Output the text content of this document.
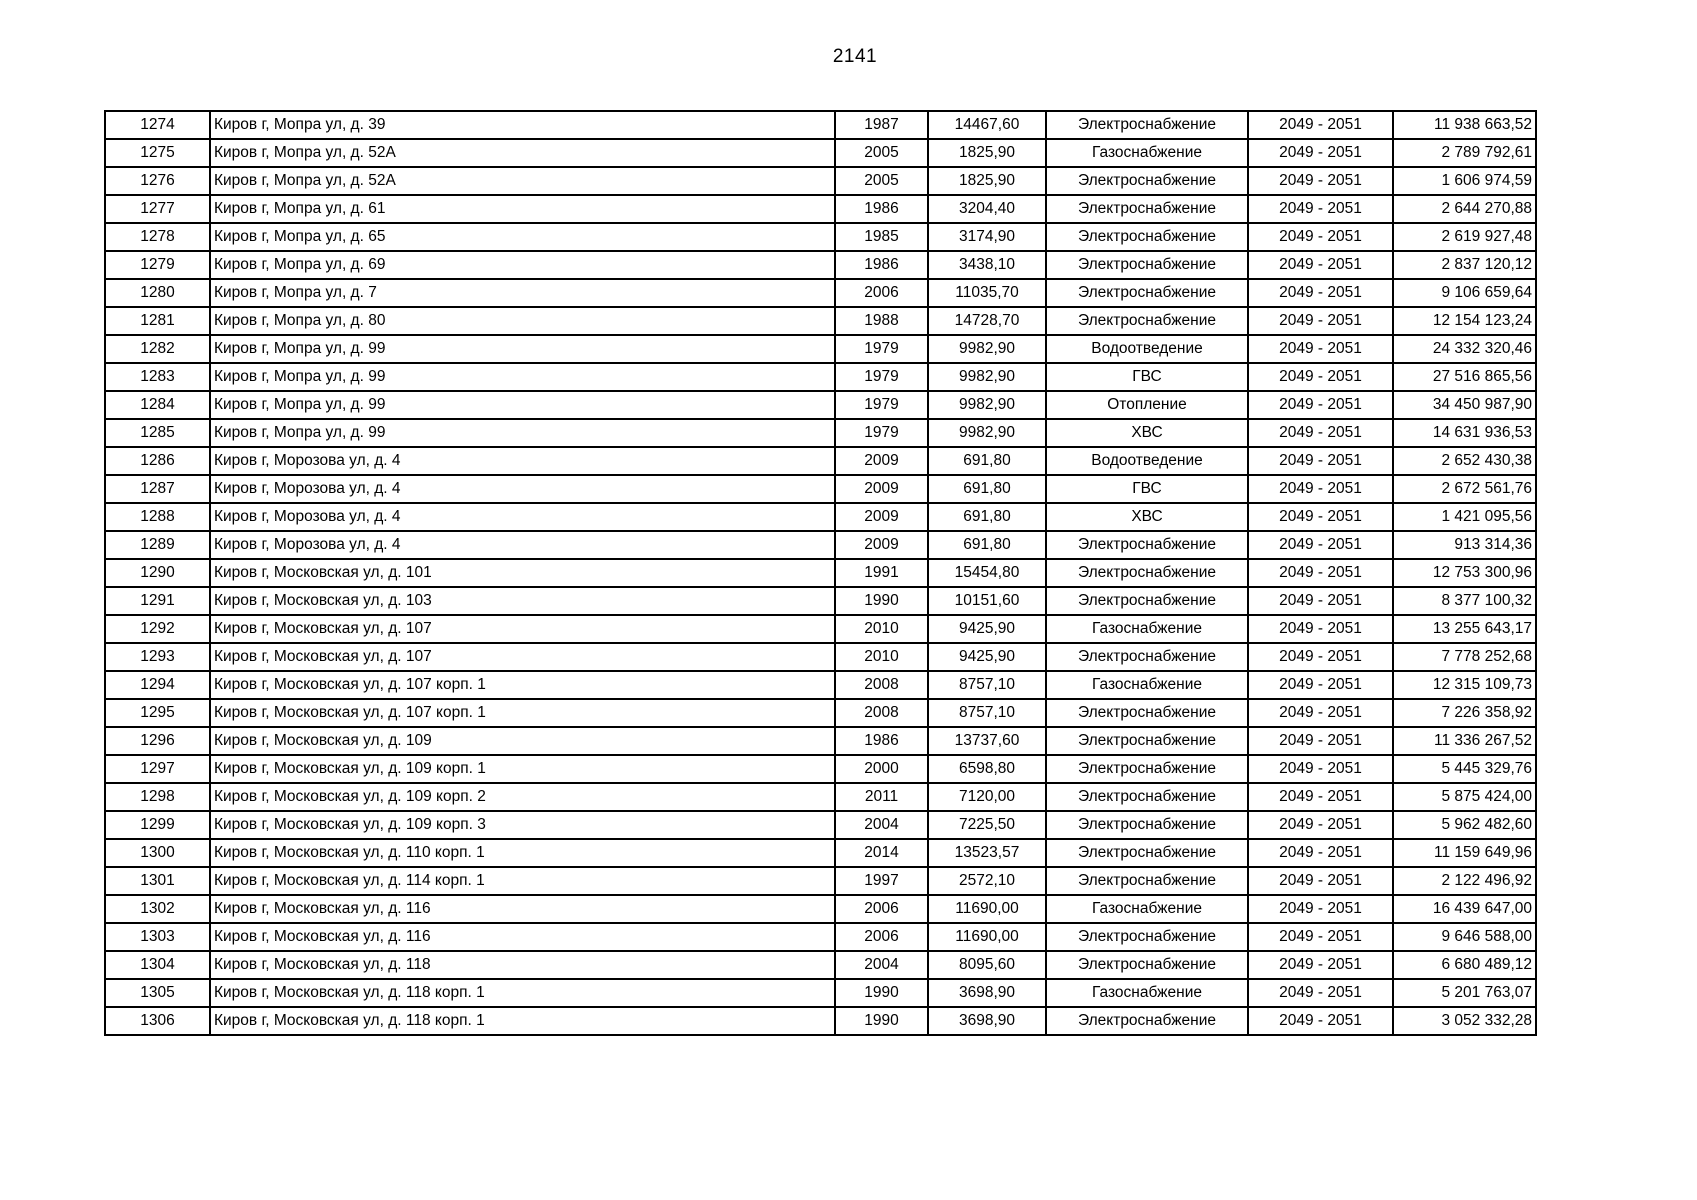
2141
1274	Киров г, Мопра ул, д. 39	1987	14467,60	Электроснабжение	2049 - 2051	11 938 663,52
1275	Киров г, Мопра ул, д. 52А	2005	1825,90	Газоснабжение	2049 - 2051	2 789 792,61
1276	Киров г, Мопра ул, д. 52А	2005	1825,90	Электроснабжение	2049 - 2051	1 606 974,59
1277	Киров г, Мопра ул, д. 61	1986	3204,40	Электроснабжение	2049 - 2051	2 644 270,88
1278	Киров г, Мопра ул, д. 65	1985	3174,90	Электроснабжение	2049 - 2051	2 619 927,48
1279	Киров г, Мопра ул, д. 69	1986	3438,10	Электроснабжение	2049 - 2051	2 837 120,12
1280	Киров г, Мопра ул, д. 7	2006	11035,70	Электроснабжение	2049 - 2051	9 106 659,64
1281	Киров г, Мопра ул, д. 80	1988	14728,70	Электроснабжение	2049 - 2051	12 154 123,24
1282	Киров г, Мопра ул, д. 99	1979	9982,90	Водоотведение	2049 - 2051	24 332 320,46
1283	Киров г, Мопра ул, д. 99	1979	9982,90	ГВС	2049 - 2051	27 516 865,56
1284	Киров г, Мопра ул, д. 99	1979	9982,90	Отопление	2049 - 2051	34 450 987,90
1285	Киров г, Мопра ул, д. 99	1979	9982,90	ХВС	2049 - 2051	14 631 936,53
1286	Киров г, Морозова ул, д. 4	2009	691,80	Водоотведение	2049 - 2051	2 652 430,38
1287	Киров г, Морозова ул, д. 4	2009	691,80	ГВС	2049 - 2051	2 672 561,76
1288	Киров г, Морозова ул, д. 4	2009	691,80	ХВС	2049 - 2051	1 421 095,56
1289	Киров г, Морозова ул, д. 4	2009	691,80	Электроснабжение	2049 - 2051	913 314,36
1290	Киров г, Московская ул, д. 101	1991	15454,80	Электроснабжение	2049 - 2051	12 753 300,96
1291	Киров г, Московская ул, д. 103	1990	10151,60	Электроснабжение	2049 - 2051	8 377 100,32
1292	Киров г, Московская ул, д. 107	2010	9425,90	Газоснабжение	2049 - 2051	13 255 643,17
1293	Киров г, Московская ул, д. 107	2010	9425,90	Электроснабжение	2049 - 2051	7 778 252,68
1294	Киров г, Московская ул, д. 107 корп. 1	2008	8757,10	Газоснабжение	2049 - 2051	12 315 109,73
1295	Киров г, Московская ул, д. 107 корп. 1	2008	8757,10	Электроснабжение	2049 - 2051	7 226 358,92
1296	Киров г, Московская ул, д. 109	1986	13737,60	Электроснабжение	2049 - 2051	11 336 267,52
1297	Киров г, Московская ул, д. 109 корп. 1	2000	6598,80	Электроснабжение	2049 - 2051	5 445 329,76
1298	Киров г, Московская ул, д. 109 корп. 2	2011	7120,00	Электроснабжение	2049 - 2051	5 875 424,00
1299	Киров г, Московская ул, д. 109 корп. 3	2004	7225,50	Электроснабжение	2049 - 2051	5 962 482,60
1300	Киров г, Московская ул, д. 110 корп. 1	2014	13523,57	Электроснабжение	2049 - 2051	11 159 649,96
1301	Киров г, Московская ул, д. 114 корп. 1	1997	2572,10	Электроснабжение	2049 - 2051	2 122 496,92
1302	Киров г, Московская ул, д. 116	2006	11690,00	Газоснабжение	2049 - 2051	16 439 647,00
1303	Киров г, Московская ул, д. 116	2006	11690,00	Электроснабжение	2049 - 2051	9 646 588,00
1304	Киров г, Московская ул, д. 118	2004	8095,60	Электроснабжение	2049 - 2051	6 680 489,12
1305	Киров г, Московская ул, д. 118 корп. 1	1990	3698,90	Газоснабжение	2049 - 2051	5 201 763,07
1306	Киров г, Московская ул, д. 118 корп. 1	1990	3698,90	Электроснабжение	2049 - 2051	3 052 332,28
